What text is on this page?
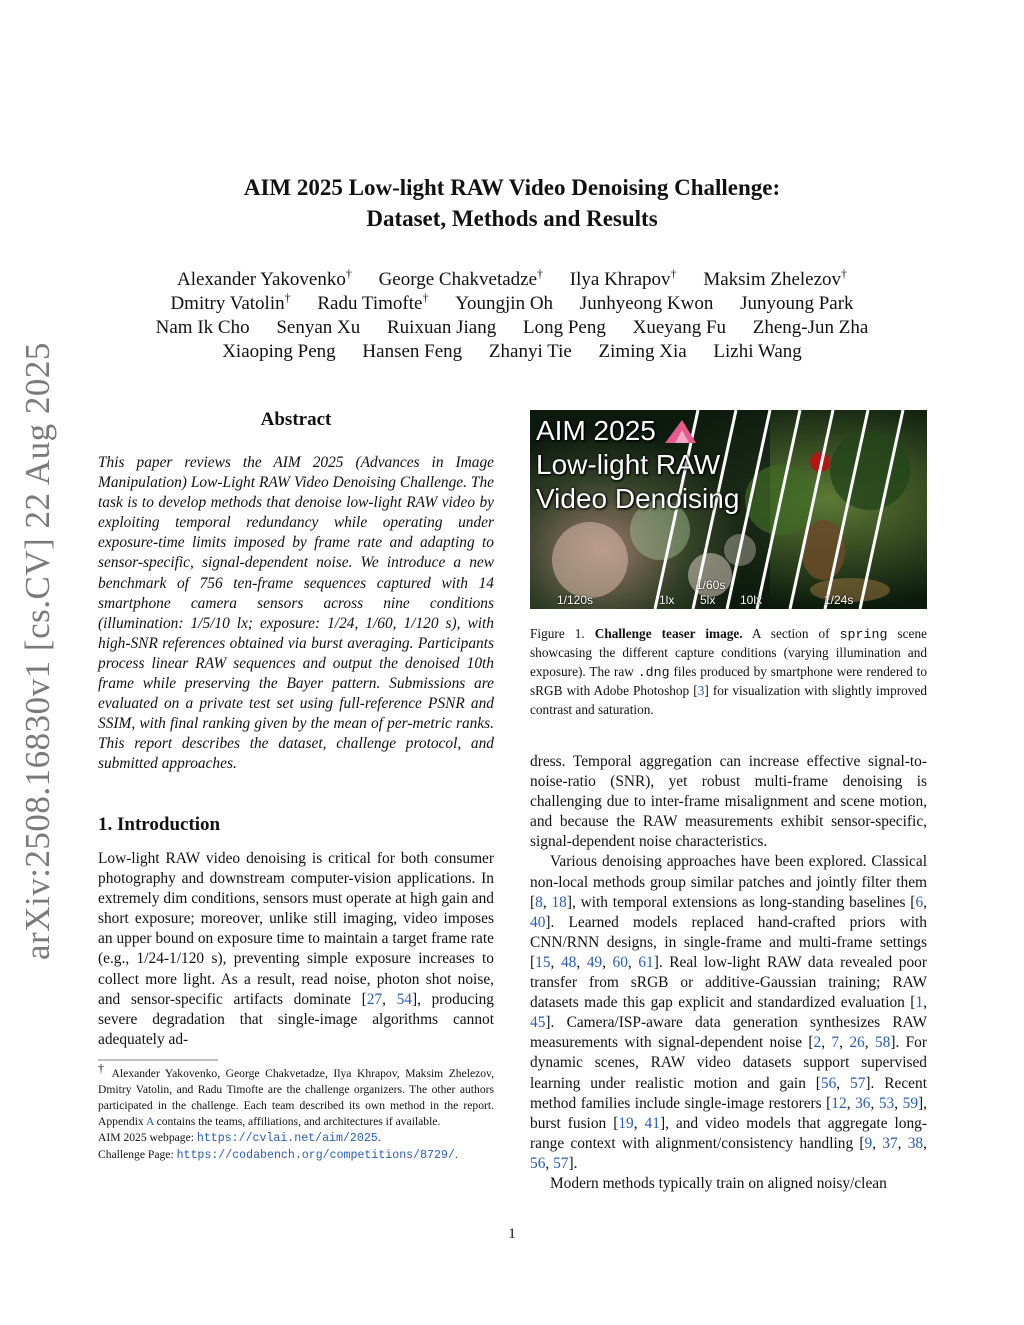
arXiv:2508.16830v1 [cs.CV] 22 Aug 2025
AIM 2025 Low-light RAW Video Denoising Challenge:
Dataset, Methods and Results
Alexander Yakovenko† George Chakvetadze† Ilya Khrapov† Maksim Zhelezov†
Dmitry Vatolin† Radu Timofte† Youngjin Oh Junhyeong Kwon Junyoung Park
Nam Ik Cho Senyan Xu Ruixuan Jiang Long Peng Xueyang Fu Zheng-Jun Zha
Xiaoping Peng Hansen Feng Zhanyi Tie Ziming Xia Lizhi Wang
Abstract
This paper reviews the AIM 2025 (Advances in Image Manipulation) Low-Light RAW Video Denoising Challenge. The task is to develop methods that denoise low-light RAW video by exploiting temporal redundancy while operating under exposure-time limits imposed by frame rate and adapting to sensor-specific, signal-dependent noise. We introduce a new benchmark of 756 ten-frame sequences captured with 14 smartphone camera sensors across nine conditions (illumination: 1/5/10 lx; exposure: 1/24, 1/60, 1/120 s), with high-SNR references obtained via burst averaging. Participants process linear RAW sequences and output the denoised 10th frame while preserving the Bayer pattern. Submissions are evaluated on a private test set using full-reference PSNR and SSIM, with final ranking given by the mean of per-metric ranks. This report describes the dataset, challenge protocol, and submitted approaches.
1. Introduction
Low-light RAW video denoising is critical for both consumer photography and downstream computer-vision applications. In extremely dim conditions, sensors must operate at high gain and short exposure; moreover, unlike still imaging, video imposes an upper bound on exposure time to maintain a target frame rate (e.g., 1/24-1/120 s), preventing simple exposure increases to collect more light. As a result, read noise, photon shot noise, and sensor-specific artifacts dominate [27, 54], producing severe degradation that single-image algorithms cannot adequately ad-

† Alexander Yakovenko, George Chakvetadze, Ilya Khrapov, Maksim Zhelezov, Dmitry Vatolin, and Radu Timofte are the challenge organizers. The other authors participated in the challenge. Each team described its own method in the report. Appendix A contains the teams, affiliations, and architectures if available.

AIM 2025 webpage: https://cvlai.net/aim/2025.

Challenge Page: https://codabench.org/competitions/8729/.

AIM 2025
Low-light RAW
Video Denoising
1/120s	1lx
1/60s
5lx 10lx	1/24s
Figure 1. Challenge teaser image. A section of spring scene showcasing the different capture conditions (varying illumination and exposure). The raw .dng files produced by smartphone were rendered to sRGB with Adobe Photoshop [3] for visualization with slightly improved contrast and saturation.

dress. Temporal aggregation can increase effective signal-to-noise-ratio (SNR), yet robust multi-frame denoising is challenging due to inter-frame misalignment and scene motion, and because the RAW measurements exhibit sensor-specific, signal-dependent noise characteristics.

Various denoising approaches have been explored. Classical non-local methods group similar patches and jointly filter them [8, 18], with temporal extensions as long-standing baselines [6, 40]. Learned models replaced hand-crafted priors with CNN/RNN designs, in single-frame and multi-frame settings [15, 48, 49, 60, 61]. Real low-light RAW data revealed poor transfer from sRGB or additive-Gaussian training; RAW datasets made this gap explicit and standardized evaluation [1, 45]. Camera/ISP-aware data generation synthesizes RAW measurements with signal-dependent noise [2, 7, 26, 58]. For dynamic scenes, RAW video datasets support supervised learning under realistic motion and gain [56, 57]. Recent method families include single-image restorers [12, 36, 53, 59], burst fusion [19, 41], and video models that aggregate long-range context with alignment/consistency handling [9, 37, 38, 56, 57].

Modern methods typically train on aligned noisy/clean

1
